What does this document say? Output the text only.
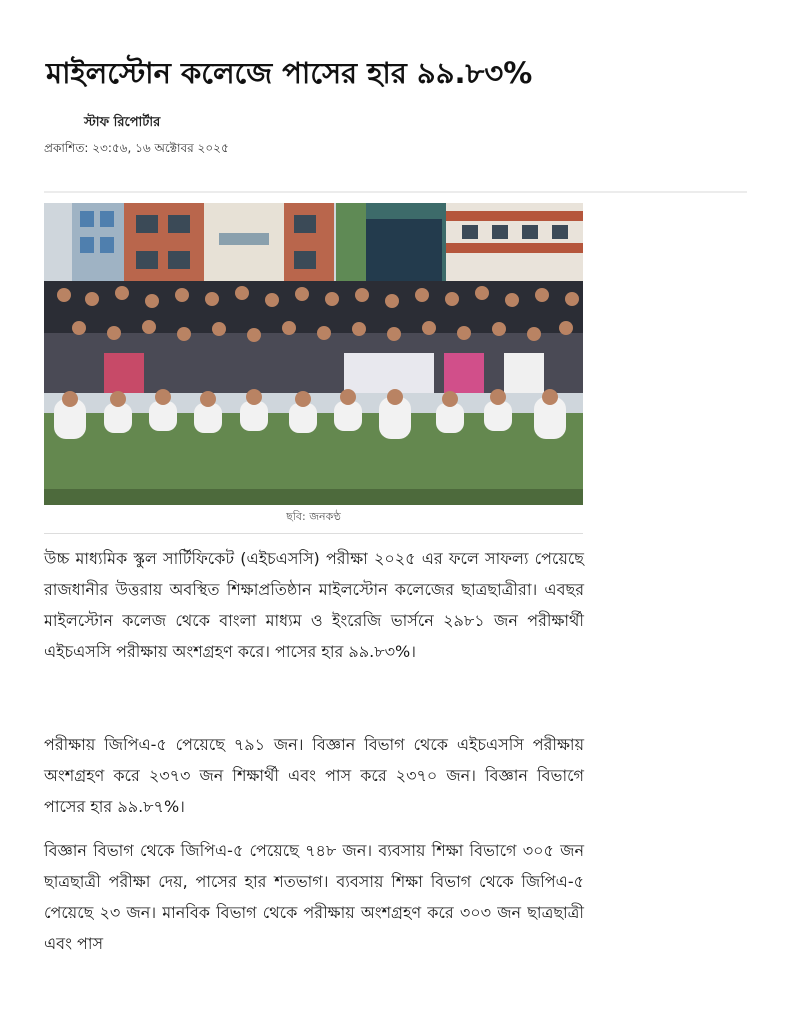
মাইলস্টোন কলেজে পাসের হার ৯৯.৮৩%
স্টাফ রিপোর্টার
প্রকাশিত: ২৩:৫৬, ১৬ অক্টোবর ২০২৫
ছবি: জনকণ্ঠ

উচ্চ মাধ্যমিক স্কুল সার্টিফিকেট (এইচএসসি) পরীক্ষা ২০২৫ এর ফলে সাফল্য পেয়েছে রাজধানীর উত্তরায় অবস্থিত শিক্ষাপ্রতিষ্ঠান মাইলস্টোন কলেজের ছাত্রছাত্রীরা। এবছর মাইলস্টোন কলেজ থেকে বাংলা মাধ্যম ও ইংরেজি ভার্সনে ২৯৮১ জন পরীক্ষার্থী এইচএসসি পরীক্ষায় অংশগ্রহণ করে। পাসের হার ৯৯.৮৩%।

পরীক্ষায় জিপিএ-৫ পেয়েছে ৭৯১ জন। বিজ্ঞান বিভাগ থেকে এইচএসসি পরীক্ষায় অংশগ্রহণ করে ২৩৭৩ জন শিক্ষার্থী এবং পাস করে ২৩৭০ জন। বিজ্ঞান বিভাগে পাসের হার ৯৯.৮৭%।

বিজ্ঞান বিভাগ থেকে জিপিএ-৫ পেয়েছে ৭৪৮ জন। ব্যবসায় শিক্ষা বিভাগে ৩০৫ জন ছাত্রছাত্রী পরীক্ষা দেয়, পাসের হার শতভাগ। ব্যবসায় শিক্ষা বিভাগ থেকে জিপিএ-৫ পেয়েছে ২৩ জন। মানবিক বিভাগ থেকে পরীক্ষায় অংশগ্রহণ করে ৩০৩ জন ছাত্রছাত্রী এবং পাস
